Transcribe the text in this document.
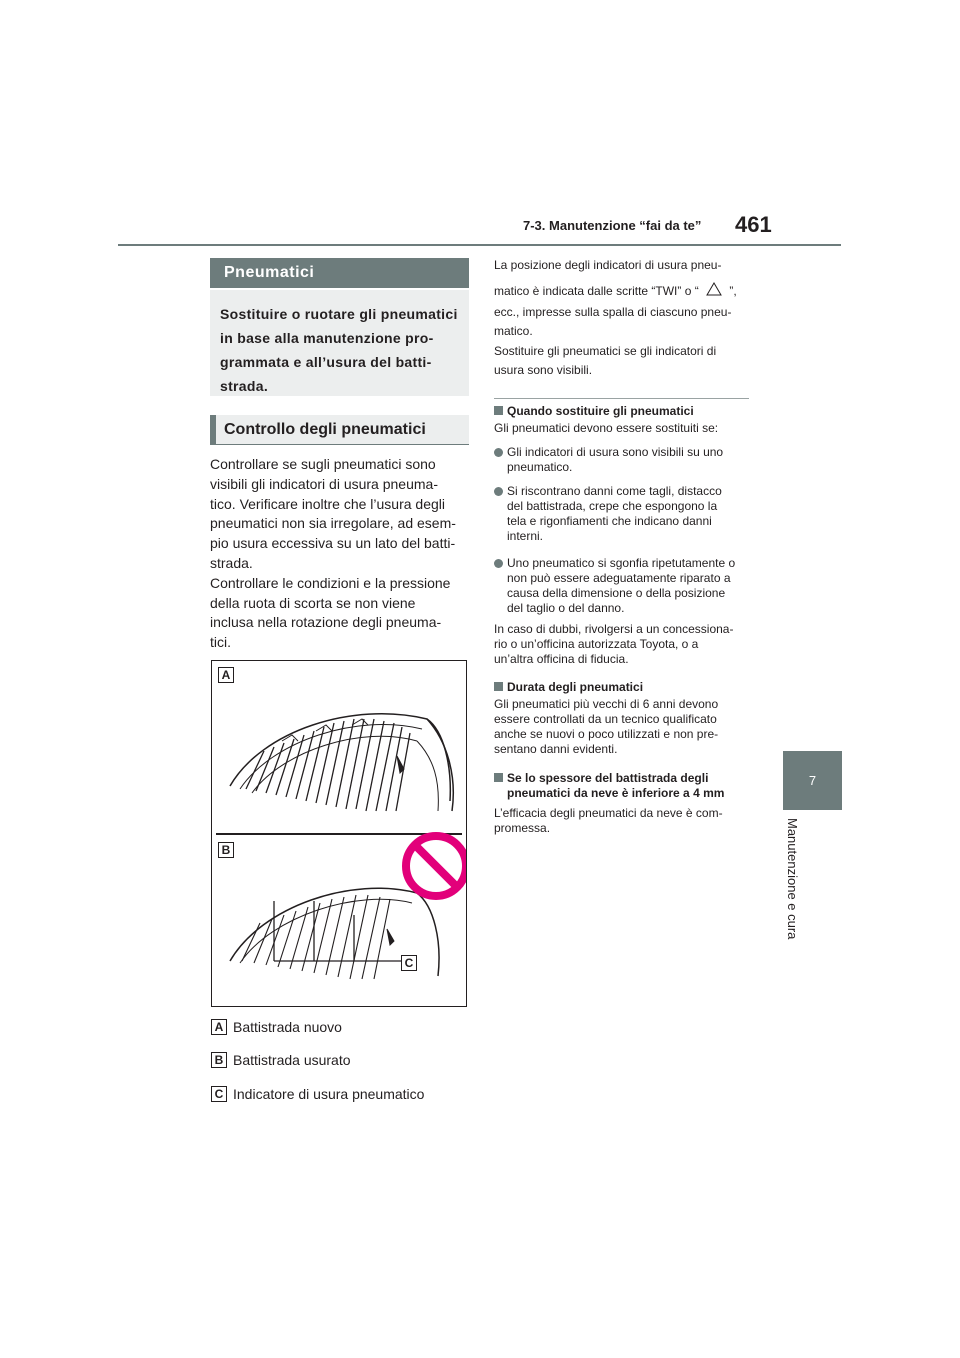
7-3. Manutenzione “fai da te” 461
7
Manutenzione e cura
Pneumatici
Sostituire o ruotare gli pneumatici
in base alla manutenzione pro-
grammata e all’usura del batti-
strada.
Controllo degli pneumatici
Controllare se sugli pneumatici sono
visibili gli indicatori di usura pneuma-
tico. Verificare inoltre che l’usura degli
pneumatici non sia irregolare, ad esem-
pio usura eccessiva su un lato del batti-
strada.
Controllare le condizioni e la pressione
della ruota di scorta se non viene
inclusa nella rotazione degli pneuma-
tici.
A
B
C
A Battistrada nuovo
B Battistrada usurato
C Indicatore di usura pneumatico
La posizione degli indicatori di usura pneu-
matico è indicata dalle scritte “TWI” o “	”,
ecc., impresse sulla spalla di ciascuno pneu-
matico.
Sostituire gli pneumatici se gli indicatori di
usura sono visibili.
Quando sostituire gli pneumatici
Gli pneumatici devono essere sostituiti se:
Gli indicatori di usura sono visibili su uno
pneumatico.
Si riscontrano danni come tagli, distacco
del battistrada, crepe che espongono la
tela e rigonfiamenti che indicano danni
interni.
Uno pneumatico si sgonfia ripetutamente o
non può essere adeguatamente riparato a
causa della dimensione o della posizione
del taglio o del danno.
In caso di dubbi, rivolgersi a un concessiona-
rio o un’officina autorizzata Toyota, o a
un’altra officina di fiducia.
Durata degli pneumatici
Gli pneumatici più vecchi di 6 anni devono
essere controllati da un tecnico qualificato
anche se nuovi o poco utilizzati e non pre-
sentano danni evidenti.
Se lo spessore del battistrada degli
pneumatici da neve è inferiore a 4 mm
L’efficacia degli pneumatici da neve è com-
promessa.
